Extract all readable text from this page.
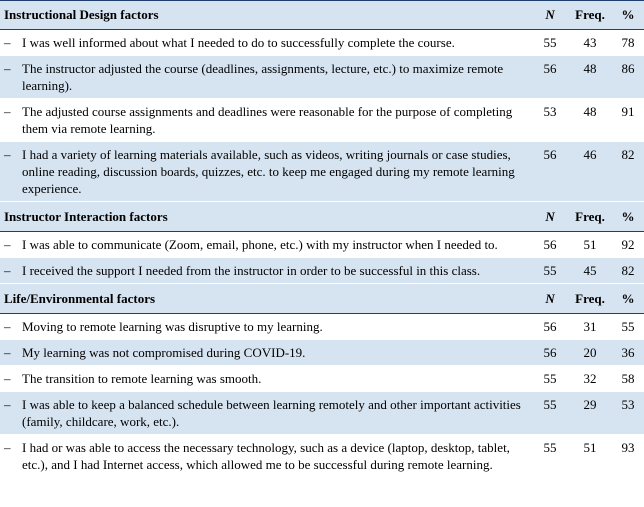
Instructional Design factors		N	Freq.	%
–	I was well informed about what I needed to do to successfully complete the course.	55	43	78
–	The instructor adjusted the course (deadlines, assignments, lecture, etc.) to maximize remote learning).	56	48	86
–	The adjusted course assignments and deadlines were reasonable for the purpose of completing them via remote learning.	53	48	91
–	I had a variety of learning materials available, such as videos, writing journals or case studies, online reading, discussion boards, quizzes, etc. to keep me engaged during my remote learning experience.	56	46	82
Instructor Interaction factors		N	Freq.	%
–	I was able to communicate (Zoom, email, phone, etc.) with my instructor when I needed to.	56	51	92
–	I received the support I needed from the instructor in order to be successful in this class.	55	45	82
Life/Environmental factors		N	Freq.	%
–	Moving to remote learning was disruptive to my learning.	56	31	55
–	My learning was not compromised during COVID-19.	56	20	36
–	The transition to remote learning was smooth.	55	32	58
–	I was able to keep a balanced schedule between learning remotely and other important activities (family, childcare, work, etc.).	55	29	53
–	I had or was able to access the necessary technology, such as a device (laptop, desktop, tablet, etc.), and I had Internet access, which allowed me to be successful during remote learning.	55	51	93
